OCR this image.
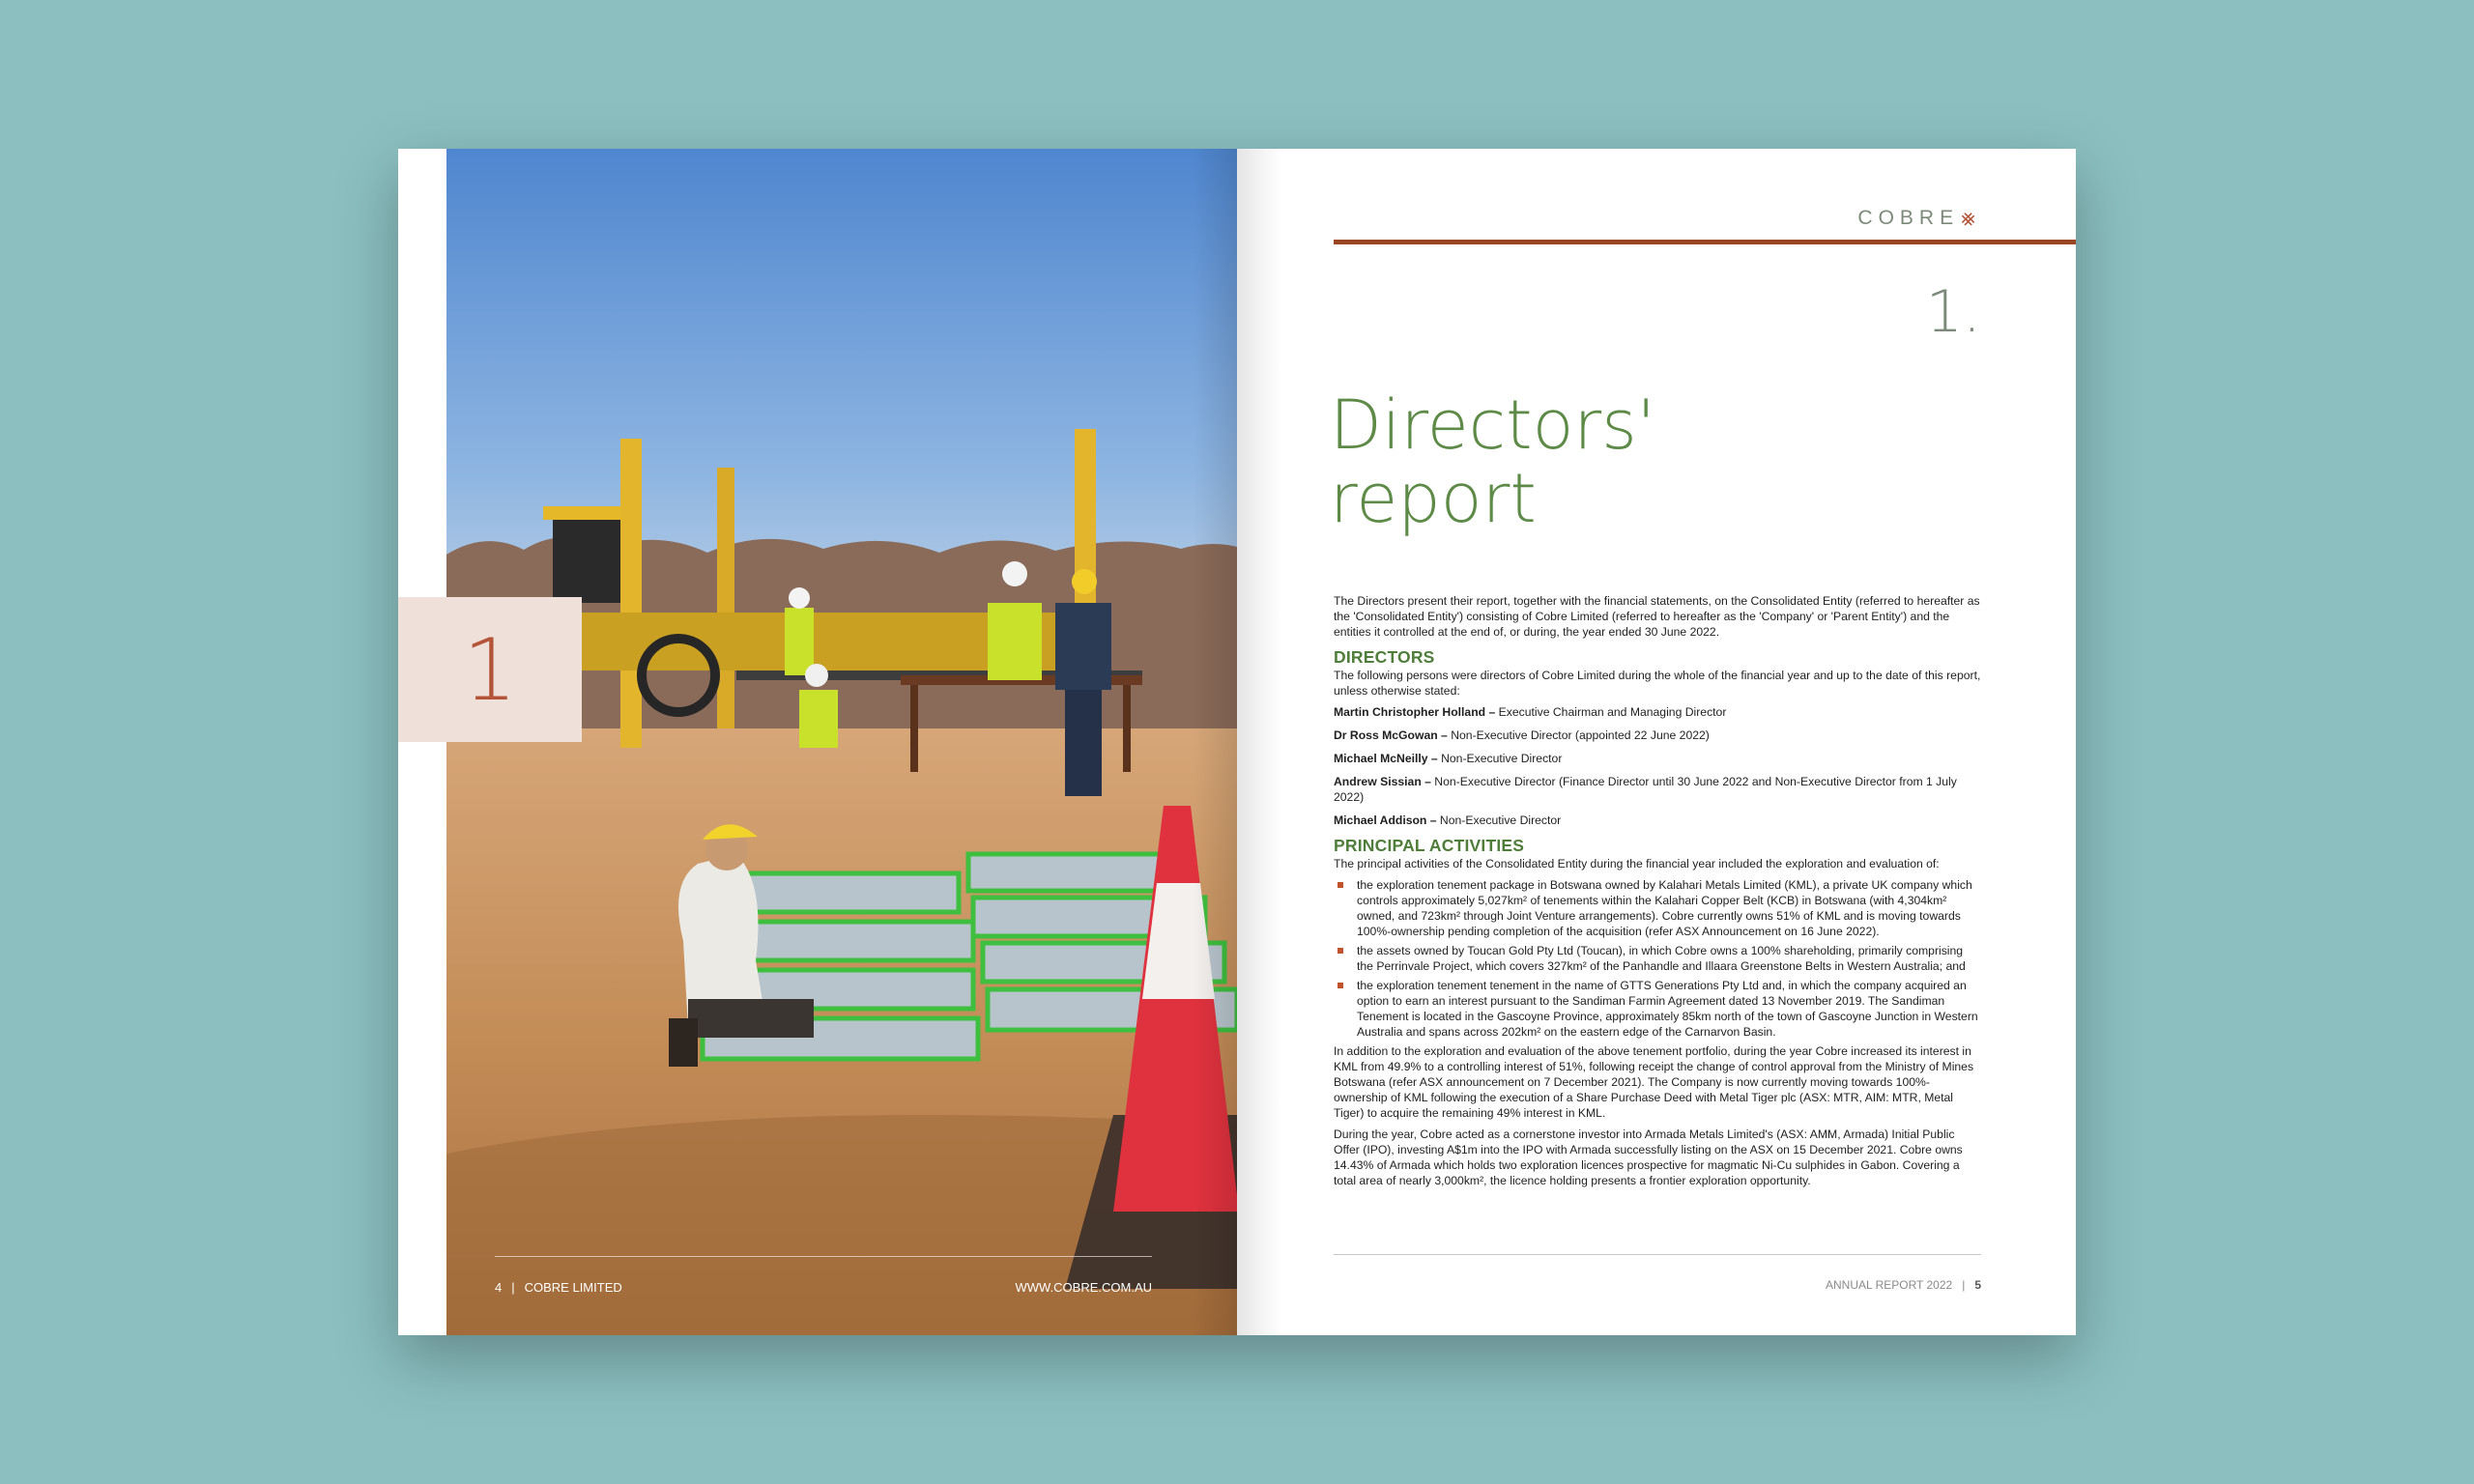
1
4 | COBRE LIMITED	WWW.COBRE.COM.AU
COBRE ⨳
1.
Directors'
report

The Directors present their report, together with the financial statements, on the Consolidated Entity (referred to hereafter as the 'Consolidated Entity') consisting of Cobre Limited (referred to hereafter as the 'Company' or 'Parent Entity') and the entities it controlled at the end of, or during, the year ended 30 June 2022.

DIRECTORS

The following persons were directors of Cobre Limited during the whole of the financial year and up to the date of this report, unless otherwise stated:

Martin Christopher Holland – Executive Chairman and Managing Director
Dr Ross McGowan – Non-Executive Director (appointed 22 June 2022)
Michael McNeilly – Non-Executive Director
Andrew Sissian – Non-Executive Director (Finance Director until 30 June 2022 and Non-Executive Director from 1 July 2022)
Michael Addison – Non-Executive Director
PRINCIPAL ACTIVITIES

The principal activities of the Consolidated Entity during the financial year included the exploration and evaluation of:

the exploration tenement package in Botswana owned by Kalahari Metals Limited (KML), a private UK company which controls approximately 5,027km² of tenements within the Kalahari Copper Belt (KCB) in Botswana (with 4,304km² owned, and 723km² through Joint Venture arrangements). Cobre currently owns 51% of KML and is moving towards 100%-ownership pending completion of the acquisition (refer ASX Announcement on 16 June 2022).
the assets owned by Toucan Gold Pty Ltd (Toucan), in which Cobre owns a 100% shareholding, primarily comprising the Perrinvale Project, which covers 327km² of the Panhandle and Illaara Greenstone Belts in Western Australia; and
the exploration tenement tenement in the name of GTTS Generations Pty Ltd and, in which the company acquired an option to earn an interest pursuant to the Sandiman Farmin Agreement dated 13 November 2019. The Sandiman Tenement is located in the Gascoyne Province, approximately 85km north of the town of Gascoyne Junction in Western Australia and spans across 202km² on the eastern edge of the Carnarvon Basin.

In addition to the exploration and evaluation of the above tenement portfolio, during the year Cobre increased its interest in KML from 49.9% to a controlling interest of 51%, following receipt the change of control approval from the Ministry of Mines Botswana (refer ASX announcement on 7 December 2021). The Company is now currently moving towards 100%-ownership of KML following the execution of a Share Purchase Deed with Metal Tiger plc (ASX: MTR, AIM: MTR, Metal Tiger) to acquire the remaining 49% interest in KML.

During the year, Cobre acted as a cornerstone investor into Armada Metals Limited's (ASX: AMM, Armada) Initial Public Offer (IPO), investing A$1m into the IPO with Armada successfully listing on the ASX on 15 December 2021. Cobre owns 14.43% of Armada which holds two exploration licences prospective for magmatic Ni-Cu sulphides in Gabon. Covering a total area of nearly 3,000km², the licence holding presents a frontier exploration opportunity.

ANNUAL REPORT 2022 | 5
